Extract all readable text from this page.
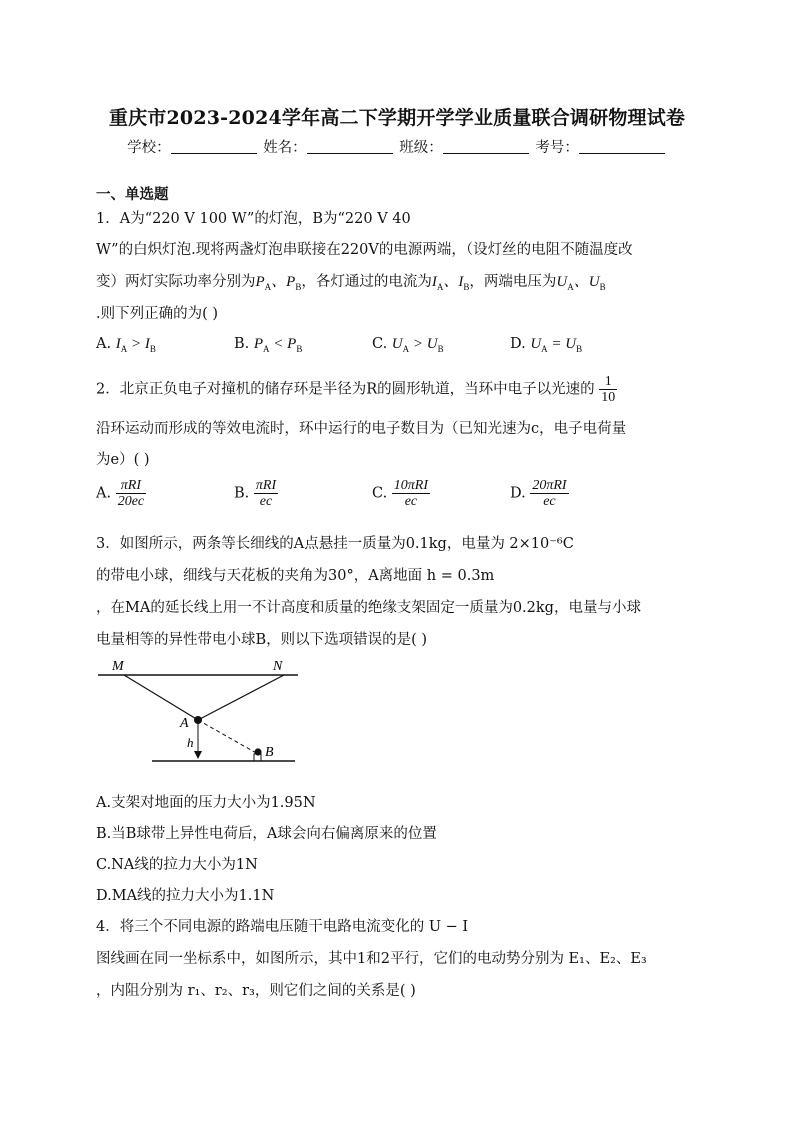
重庆市2023-2024学年高二下学期开学学业质量联合调研物理试卷
学校：	姓名：	班级：	考号：
一、单选题
1．A为“220 V 100 W”的灯泡，B为“220 V 40
W”的白炽灯泡.现将两盏灯泡串联接在220V的电源两端，（设灯丝的电阻不随温度改
变）两灯实际功率分别为$P_A$、$P_B$，各灯通过的电流为$I_A$、$I_B$，两端电压为$U_A$、$U_B$
.则下列正确的为( )
A. $I_A > I_B$	B. $P_A < P_B$	C. $U_A > U_B$	D. $U_A = U_B$
2．北京正负电子对撞机的储存环是半径为R的圆形轨道，当环中电子以光速的 $\frac{1}{10}$
沿环运动而形成的等效电流时，环中运行的电子数目为（已知光速为c，电子电荷量
为e）( )
A. $\frac{\text{πRI}}{20ec}$	B. $\frac{\text{πRI}}{ec}$	C. $\frac{\text{10πRI}}{ec}$	D. $\frac{\text{20πRI}}{ec}$
3．如图所示，两条等长细线的A点悬挂一质量为0.1kg，电量为 2×10⁻⁶C
的带电小球，细线与天花板的夹角为30°，A离地面 h = 0.3m
，在MA的延长线上用一不计高度和质量的绝缘支架固定一质量为0.2kg，电量与小球
电量相等的异性带电小球B，则以下选项错误的是( )
M	N
A
h
B
A.支架对地面的压力大小为1.95N
B.当B球带上异性电荷后，A球会向右偏离原来的位置
C.NA线的拉力大小为1N
D.MA线的拉力大小为1.1N
4．将三个不同电源的路端电压随干电路电流变化的 U − I
图线画在同一坐标系中，如图所示，其中1和2平行，它们的电动势分别为 E₁、E₂、E₃
，内阻分别为 r₁、r₂、r₃，则它们之间的关系是( )
